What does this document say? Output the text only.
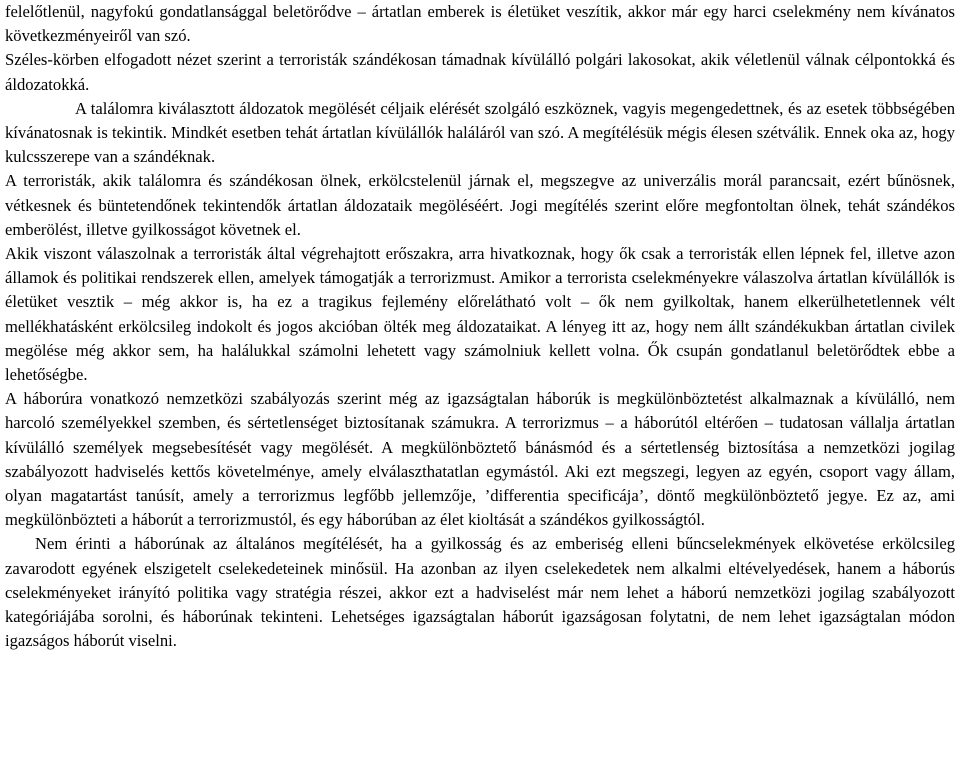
felelőtlenül, nagyfokú gondatlansággal beletörődve – ártatlan emberek is életüket veszítik, akkor már egy harci cselekmény nem kívánatos következményeiről van szó.

Széles-körben elfogadott nézet szerint a terroristák szándékosan támadnak kívülálló polgári lakosokat, akik véletlenül válnak célpontokká és áldozatokká.

A találomra kiválasztott áldozatok megölését céljaik elérését szolgáló eszköznek, vagyis megengedettnek, és az esetek többségében kívánatosnak is tekintik. Mindkét esetben tehát ártatlan kívülállók haláláról van szó. A megítélésük mégis élesen szétválik. Ennek oka az, hogy kulcsszerepe van a szándéknak.

A terroristák, akik találomra és szándékosan ölnek, erkölcstelenül járnak el, megszegve az univerzális morál parancsait, ezért bűnösnek, vétkesnek és büntetendőnek tekintendők ártatlan áldozataik megöléséért. Jogi megítélés szerint előre megfontoltan ölnek, tehát szándékos emberölést, illetve gyilkosságot követnek el.

Akik viszont válaszolnak a terroristák által végrehajtott erőszakra, arra hivatkoznak, hogy ők csak a terroristák ellen lépnek fel, illetve azon államok és politikai rendszerek ellen, amelyek támogatják a terrorizmust. Amikor a terrorista cselekményekre válaszolva ártatlan kívülállók is életüket vesztik – még akkor is, ha ez a tragikus fejlemény előrelátható volt – ők nem gyilkoltak, hanem elkerülhetetlennek vélt mellékhatásként erkölcsileg indokolt és jogos akcióban ölték meg áldozataikat. A lényeg itt az, hogy nem állt szándékukban ártatlan civilek megölése még akkor sem, ha halálukkal számolni lehetett vagy számolniuk kellett volna. Ők csupán gondatlanul beletörődtek ebbe a lehetőségbe.

A háborúra vonatkozó nemzetközi szabályozás szerint még az igazságtalan háborúk is megkülönböztetést alkalmaznak a kívülálló, nem harcoló személyekkel szemben, és sértetlenséget biztosítanak számukra. A terrorizmus – a háborútól eltérően – tudatosan vállalja ártatlan kívülálló személyek megsebesítését vagy megölését. A megkülönböztető bánásmód és a sértetlenség biztosítása a nemzetközi jogilag szabályozott hadviselés kettős követelménye, amely elválaszthatatlan egymástól. Aki ezt megszegi, legyen az egyén, csoport vagy állam, olyan magatartást tanúsít, amely a terrorizmus legfőbb jellemzője, ’differentia specificája’, döntő megkülönböztető jegye. Ez az, ami megkülönbözteti a háborút a terrorizmustól, és egy háborúban az élet kioltását a szándékos gyilkosságtól.

Nem érinti a háborúnak az általános megítélését, ha a gyilkosság és az emberiség elleni bűncselekmények elkövetése erkölcsileg zavarodott egyének elszigetelt cselekedeteinek minősül. Ha azonban az ilyen cselekedetek nem alkalmi eltévelyedések, hanem a háborús cselekményeket irányító politika vagy stratégia részei, akkor ezt a hadviselést már nem lehet a háború nemzetközi jogilag szabályozott kategóriájába sorolni, és háborúnak tekinteni. Lehetséges igazságtalan háborút igazságosan folytatni, de nem lehet igazságtalan módon igazságos háborút viselni.
